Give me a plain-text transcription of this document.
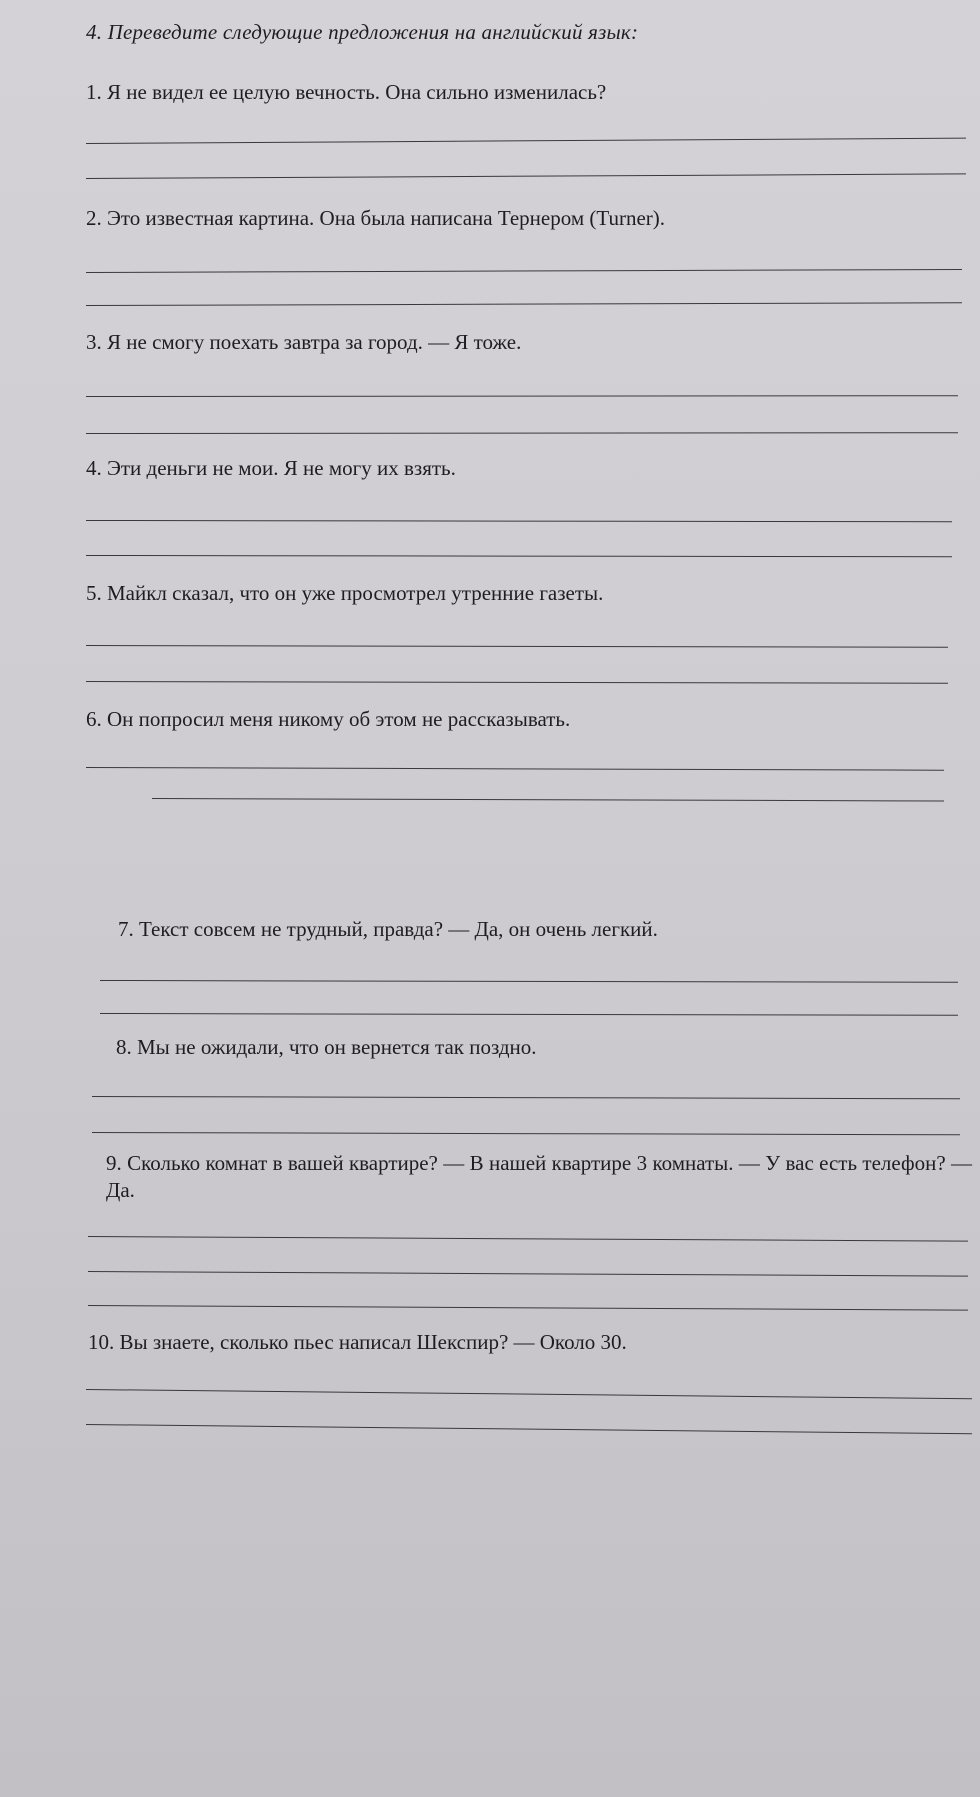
4. Переведите следующие предложения на английский язык:
1. Я не видел ее целую вечность. Она сильно изменилась?
2. Это известная картина. Она была написана Тернером (Turner).
3. Я не смогу поехать завтра за город. — Я тоже.
4. Эти деньги не мои. Я не могу их взять.
5. Майкл сказал, что он уже просмотрел утренние газеты.
6. Он попросил меня никому об этом не рассказывать.
7. Текст совсем не трудный, правда? — Да, он очень легкий.
8. Мы не ожидали, что он вернется так поздно.
9. Сколько комнат в вашей квартире? — В нашей квартире 3 комнаты. — У вас есть телефон? — Да.
10. Вы знаете, сколько пьес написал Шекспир? — Около 30.
